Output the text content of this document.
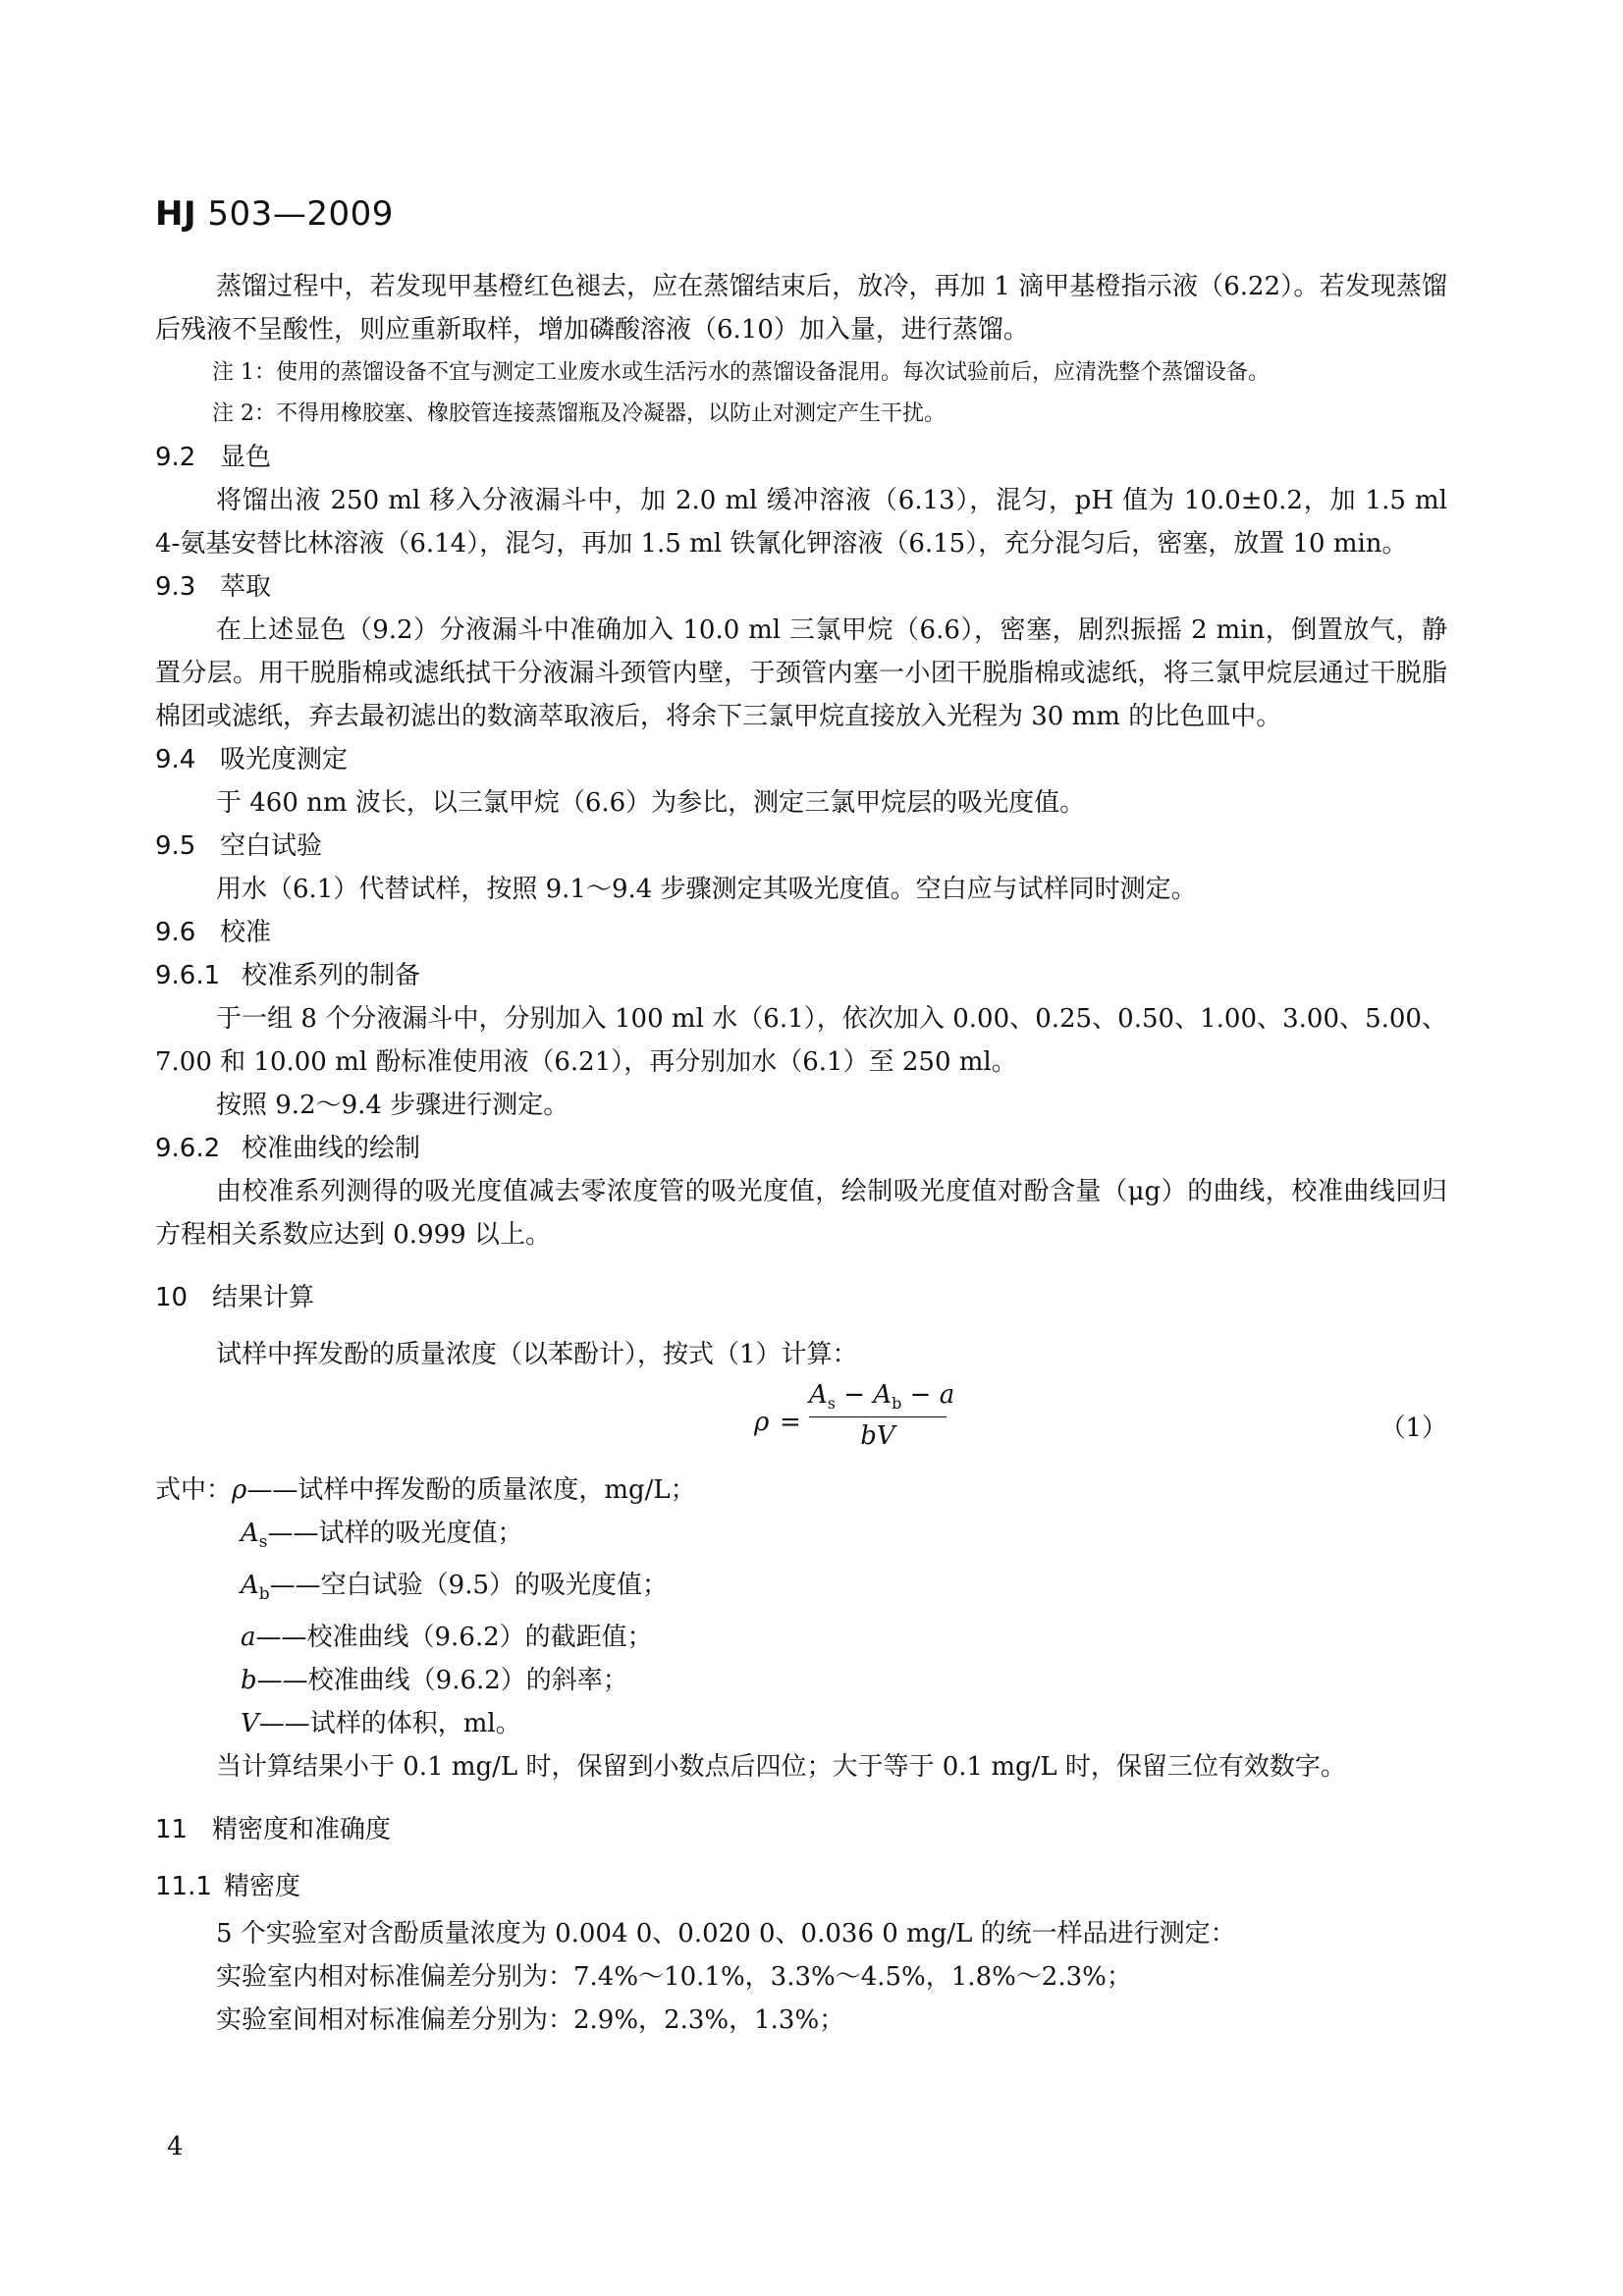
HJ 503—2009

蒸馏过程中，若发现甲基橙红色褪去，应在蒸馏结束后，放冷，再加 1 滴甲基橙指示液（6.22）。若发现蒸馏后残液不呈酸性，则应重新取样，增加磷酸溶液（6.10）加入量，进行蒸馏。

注 1：使用的蒸馏设备不宜与测定工业废水或生活污水的蒸馏设备混用。每次试验前后，应清洗整个蒸馏设备。

注 2：不得用橡胶塞、橡胶管连接蒸馏瓶及冷凝器，以防止对测定产生干扰。

9.2 显色

将馏出液 250 ml 移入分液漏斗中，加 2.0 ml 缓冲溶液（6.13），混匀，pH 值为 10.0±0.2，加 1.5 ml 4-氨基安替比林溶液（6.14），混匀，再加 1.5 ml 铁氰化钾溶液（6.15），充分混匀后，密塞，放置 10 min。

9.3 萃取

在上述显色（9.2）分液漏斗中准确加入 10.0 ml 三氯甲烷（6.6），密塞，剧烈振摇 2 min，倒置放气，静置分层。用干脱脂棉或滤纸拭干分液漏斗颈管内壁，于颈管内塞一小团干脱脂棉或滤纸，将三氯甲烷层通过干脱脂棉团或滤纸，弃去最初滤出的数滴萃取液后，将余下三氯甲烷直接放入光程为 30 mm 的比色皿中。

9.4 吸光度测定

于 460 nm 波长，以三氯甲烷（6.6）为参比，测定三氯甲烷层的吸光度值。

9.5 空白试验

用水（6.1）代替试样，按照 9.1～9.4 步骤测定其吸光度值。空白应与试样同时测定。

9.6 校准
9.6.1 校准系列的制备

于一组 8 个分液漏斗中，分别加入 100 ml 水（6.1），依次加入 0.00、0.25、0.50、1.00、3.00、5.00、7.00 和 10.00 ml 酚标准使用液（6.21），再分别加水（6.1）至 250 ml。

按照 9.2～9.4 步骤进行测定。

9.6.2 校准曲线的绘制

由校准系列测得的吸光度值减去零浓度管的吸光度值，绘制吸光度值对酚含量（μg）的曲线，校准曲线回归方程相关系数应达到 0.999 以上。

10 结果计算

试样中挥发酚的质量浓度（以苯酚计），按式（1）计算：

$\rho = \frac{A_s - A_b - a}{bV}$	（1）

式中：ρ——试样中挥发酚的质量浓度，mg/L；

$A_s——$试样的吸光度值；

$A_b——$空白试验（9.5）的吸光度值；

a——校准曲线（9.6.2）的截距值；

b——校准曲线（9.6.2）的斜率；

V——试样的体积，ml。

当计算结果小于 0.1 mg/L 时，保留到小数点后四位；大于等于 0.1 mg/L 时，保留三位有效数字。

11 精密度和准确度
11.1 精密度

5 个实验室对含酚质量浓度为 0.004 0、0.020 0、0.036 0 mg/L 的统一样品进行测定：

实验室内相对标准偏差分别为：7.4%～10.1%，3.3%～4.5%，1.8%～2.3%；

实验室间相对标准偏差分别为：2.9%，2.3%，1.3%；

4
